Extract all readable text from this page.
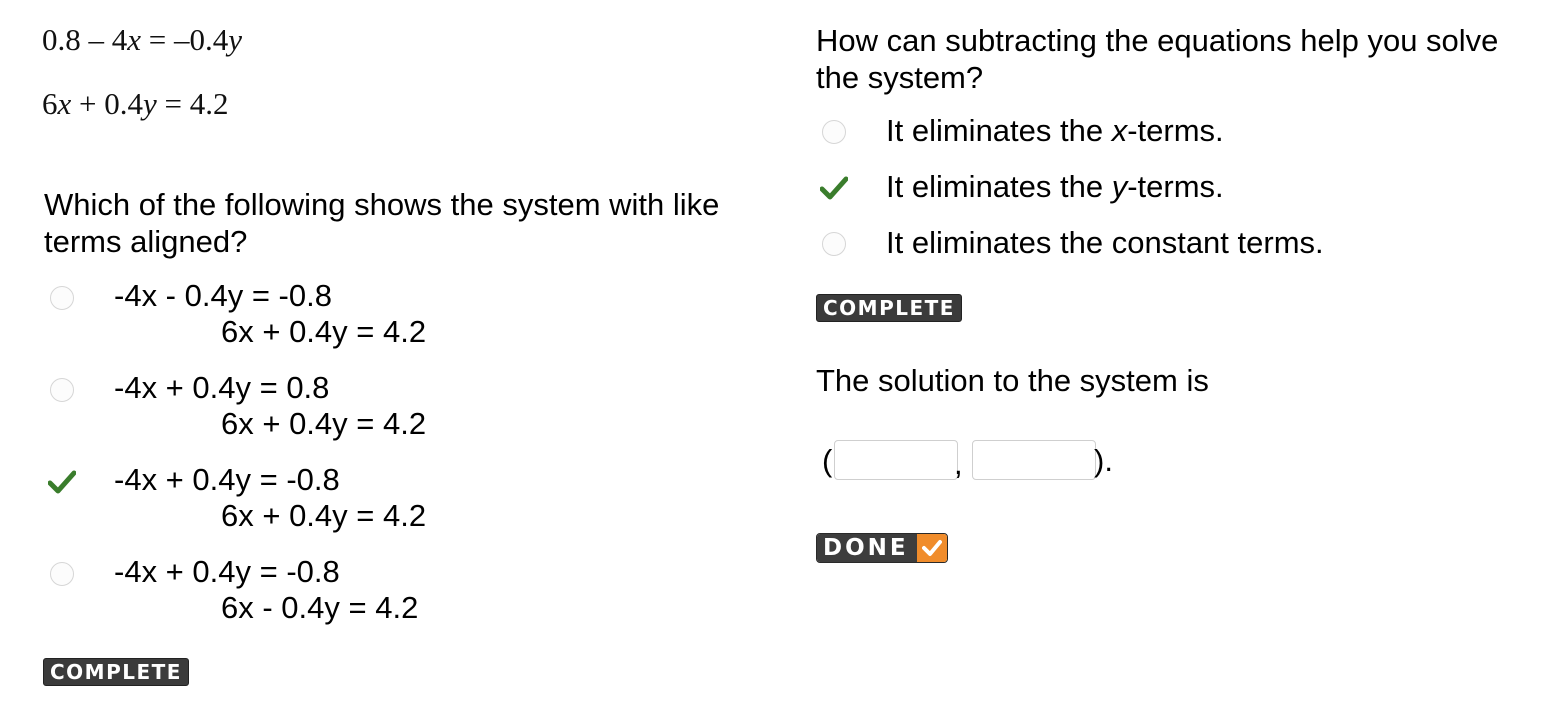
0.8 – 4x = –0.4y
6x + 0.4y = 4.2
Which of the following shows the system with like terms aligned?
-4x - 0.4y = -0.8
6x + 0.4y = 4.2
-4x + 0.4y = 0.8
6x + 0.4y = 4.2
-4x + 0.4y = -0.8
6x + 0.4y = 4.2
-4x + 0.4y = -0.8
6x - 0.4y = 4.2
COMPLETE
How can subtracting the equations help you solve the system?
It eliminates the x-terms.
It eliminates the y-terms.
It eliminates the constant terms.
COMPLETE
The solution to the system is
(	,	).
DONE
